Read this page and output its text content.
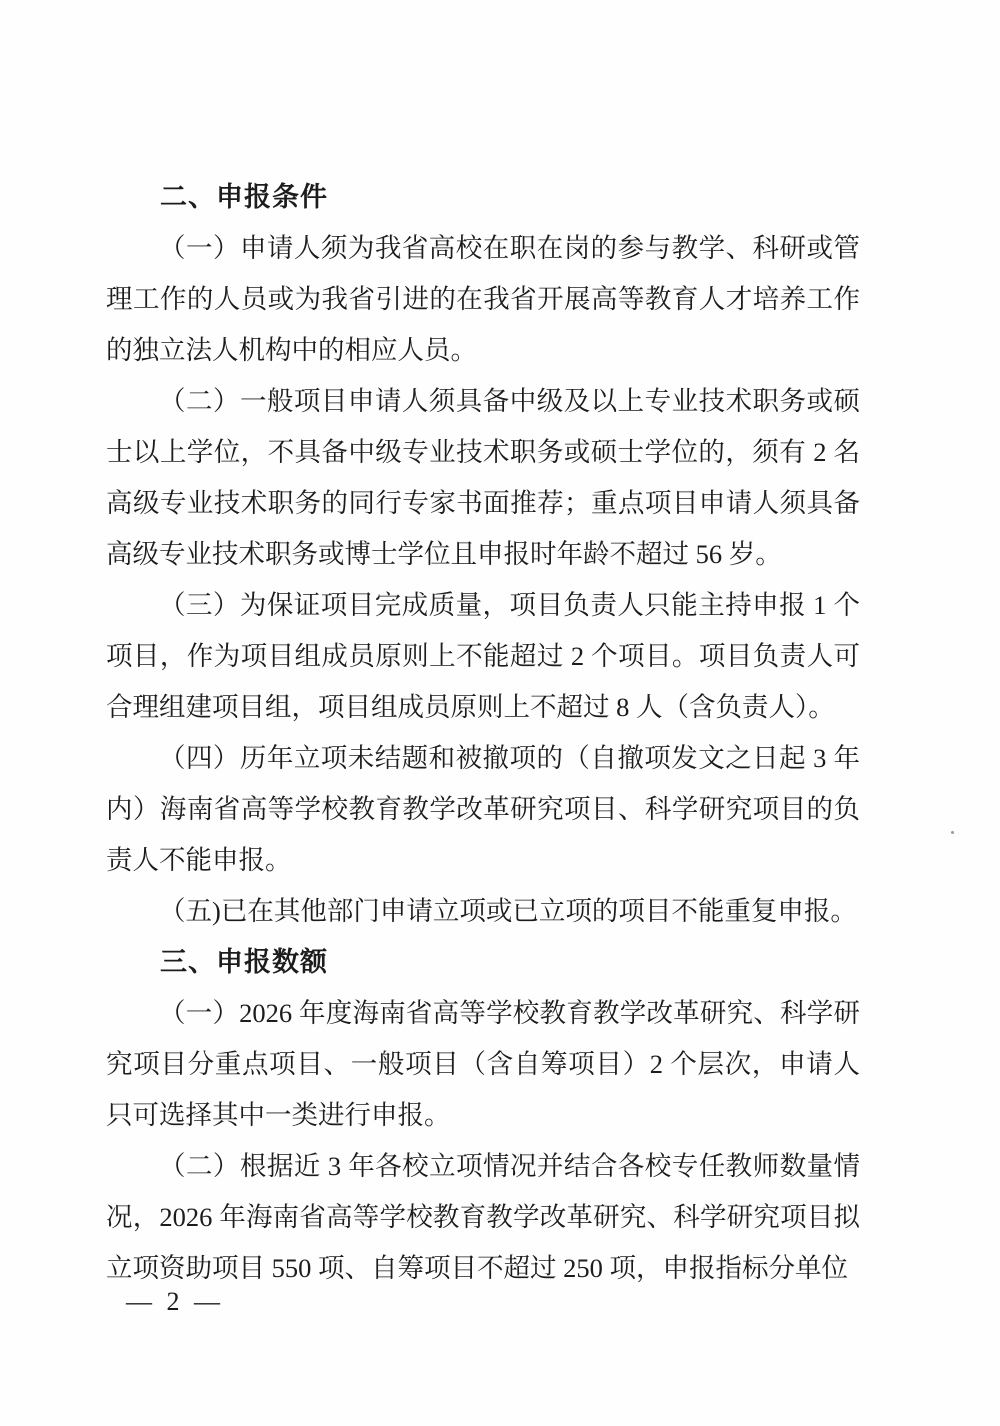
二、申报条件

（一）申请人须为我省高校在职在岗的参与教学、科研或管理工作的人员或为我省引进的在我省开展高等教育人才培养工作的独立法人机构中的相应人员。

（二）一般项目申请人须具备中级及以上专业技术职务或硕士以上学位，不具备中级专业技术职务或硕士学位的，须有 2 名高级专业技术职务的同行专家书面推荐；重点项目申请人须具备高级专业技术职务或博士学位且申报时年龄不超过 56 岁。

（三）为保证项目完成质量，项目负责人只能主持申报 1 个项目，作为项目组成员原则上不能超过 2 个项目。项目负责人可合理组建项目组，项目组成员原则上不超过 8 人（含负责人）。

（四）历年立项未结题和被撤项的（自撤项发文之日起 3 年内）海南省高等学校教育教学改革研究项目、科学研究项目的负责人不能申报。

（五)已在其他部门申请立项或已立项的项目不能重复申报。

三、申报数额

（一）2026 年度海南省高等学校教育教学改革研究、科学研究项目分重点项目、一般项目（含自筹项目）2 个层次，申请人只可选择其中一类进行申报。

（二）根据近 3 年各校立项情况并结合各校专任教师数量情况，2026 年海南省高等学校教育教学改革研究、科学研究项目拟立项资助项目 550 项、自筹项目不超过 250 项，申报指标分单位

— 2 —
